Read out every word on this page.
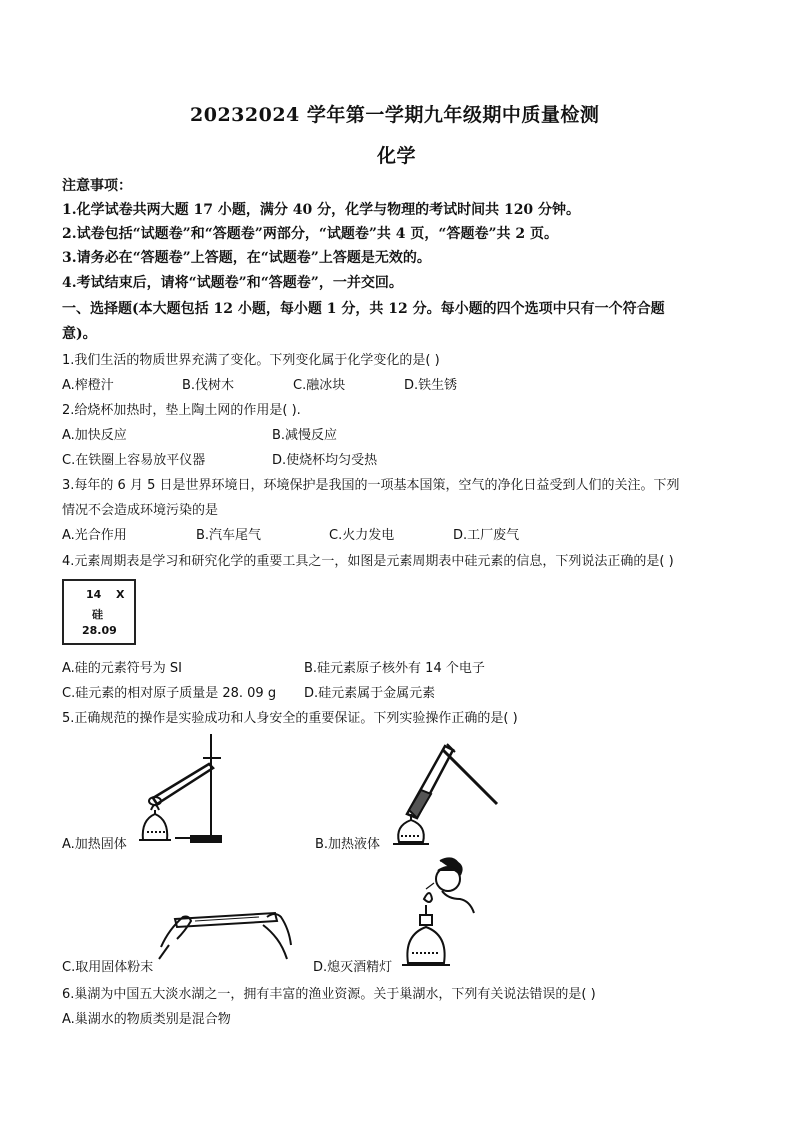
20232024 学年第一学期九年级期中质量检测
化学
注意事项：
1.化学试卷共两大题 17 小题，满分 40 分，化学与物理的考试时间共 120 分钟。
2.试卷包括“试题卷”和“答题卷”两部分，“试题卷”共 4 页，“答题卷”共 2 页。
3.请务必在“答题卷”上答题，在“试题卷”上答题是无效的。
4.考试结束后，请将“试题卷”和“答题卷”，一并交回。
一、选择题(本大题包括 12 小题，每小题 1 分，共 12 分。每小题的四个选项中只有一个符合题
意)。
1.我们生活的物质世界充满了变化。下列变化属于化学变化的是( )
A.榨橙汁	B.伐树木	C.融冰块	D.铁生锈
2.给烧杯加热时，垫上陶土网的作用是( ).
A.加快反应	B.减慢反应
C.在铁圈上容易放平仪器	D.使烧杯均匀受热
3.每年的 6 月 5 日是世界环境日，环境保护是我国的一项基本国策，空气的净化日益受到人们的关注。下列
情况不会造成环境污染的是
A.光合作用	B.汽车尾气	C.火力发电	D.工厂废气
4.元素周期表是学习和研究化学的重要工具之一，如图是元素周期表中硅元素的信息，下列说法正确的是( )
14 X
硅
28.09
A.硅的元素符号为 SI	B.硅元素原子核外有 14 个电子
C.硅元素的相对原子质量是 28. 09 g D.硅元素属于金属元素
5.正确规范的操作是实验成功和人身安全的重要保证。下列实验操作正确的是( )
A.加热固体	B.加热液体
C.取用固体粉末	D.熄灭酒精灯
6.巢湖为中国五大淡水湖之一，拥有丰富的渔业资源。关于巢湖水，下列有关说法错误的是( )
A.巢湖水的物质类别是混合物
